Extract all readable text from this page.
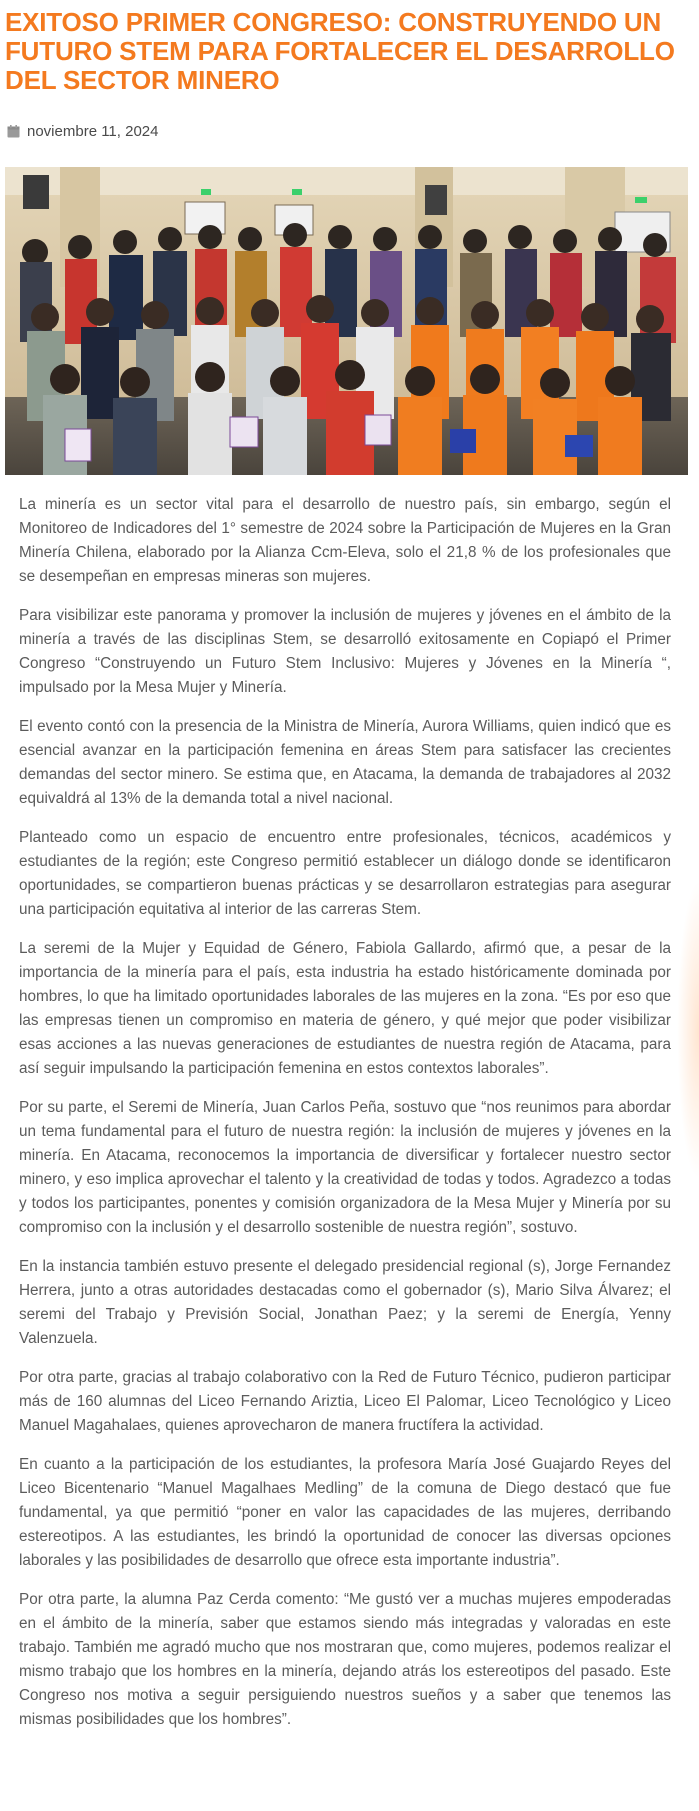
EXITOSO PRIMER CONGRESO: CONSTRUYENDO UN FUTURO STEM PARA FORTALECER EL DESARROLLO DEL SECTOR MINERO
noviembre 11, 2024

La minería es un sector vital para el desarrollo de nuestro país, sin embargo, según el Monitoreo de Indicadores del 1° semestre de 2024 sobre la Participación de Mujeres en la Gran Minería Chilena, elaborado por la Alianza Ccm-Eleva, solo el 21,8 % de los profesionales que se desempeñan en empresas mineras son mujeres.

Para visibilizar este panorama y promover la inclusión de mujeres y jóvenes en el ámbito de la minería a través de las disciplinas Stem, se desarrolló exitosamente en Copiapó el Primer Congreso “Construyendo un Futuro Stem Inclusivo: Mujeres y Jóvenes en la Minería “, impulsado por la Mesa Mujer y Minería.

El evento contó con la presencia de la Ministra de Minería, Aurora Williams, quien indicó que es esencial avanzar en la participación femenina en áreas Stem para satisfacer las crecientes demandas del sector minero. Se estima que, en Atacama, la demanda de trabajadores al 2032 equivaldrá al 13% de la demanda total a nivel nacional.

Planteado como un espacio de encuentro entre profesionales, técnicos, académicos y estudiantes de la región; este Congreso permitió establecer un diálogo donde se identificaron oportunidades, se compartieron buenas prácticas y se desarrollaron estrategias para asegurar una participación equitativa al interior de las carreras Stem.

La seremi de la Mujer y Equidad de Género, Fabiola Gallardo, afirmó que, a pesar de la importancia de la minería para el país, esta industria ha estado históricamente dominada por hombres, lo que ha limitado oportunidades laborales de las mujeres en la zona. “Es por eso que las empresas tienen un compromiso en materia de género, y qué mejor que poder visibilizar esas acciones a las nuevas generaciones de estudiantes de nuestra región de Atacama, para así seguir impulsando la participación femenina en estos contextos laborales”.

Por su parte, el Seremi de Minería, Juan Carlos Peña, sostuvo que “nos reunimos para abordar un tema fundamental para el futuro de nuestra región: la inclusión de mujeres y jóvenes en la minería. En Atacama, reconocemos la importancia de diversificar y fortalecer nuestro sector minero, y eso implica aprovechar el talento y la creatividad de todas y todos. Agradezco a todas y todos los participantes, ponentes y comisión organizadora de la Mesa Mujer y Minería por su compromiso con la inclusión y el desarrollo sostenible de nuestra región”, sostuvo.

En la instancia también estuvo presente el delegado presidencial regional (s), Jorge Fernandez Herrera, junto a otras autoridades destacadas como el gobernador (s), Mario Silva Álvarez; el seremi del Trabajo y Previsión Social, Jonathan Paez; y la seremi de Energía, Yenny Valenzuela.

Por otra parte, gracias al trabajo colaborativo con la Red de Futuro Técnico, pudieron participar más de 160 alumnas del Liceo Fernando Ariztia, Liceo El Palomar, Liceo Tecnológico y Liceo Manuel Magahalaes, quienes aprovecharon de manera fructífera la actividad.

En cuanto a la participación de los estudiantes, la profesora María José Guajardo Reyes del Liceo Bicentenario “Manuel Magalhaes Medling” de la comuna de Diego destacó que fue fundamental, ya que permitió “poner en valor las capacidades de las mujeres, derribando estereotipos. A las estudiantes, les brindó la oportunidad de conocer las diversas opciones laborales y las posibilidades de desarrollo que ofrece esta importante industria”.

Por otra parte, la alumna Paz Cerda comento: “Me gustó ver a muchas mujeres empoderadas en el ámbito de la minería, saber que estamos siendo más integradas y valoradas en este trabajo. También me agradó mucho que nos mostraran que, como mujeres, podemos realizar el mismo trabajo que los hombres en la minería, dejando atrás los estereotipos del pasado. Este Congreso nos motiva a seguir persiguiendo nuestros sueños y a saber que tenemos las mismas posibilidades que los hombres”.
